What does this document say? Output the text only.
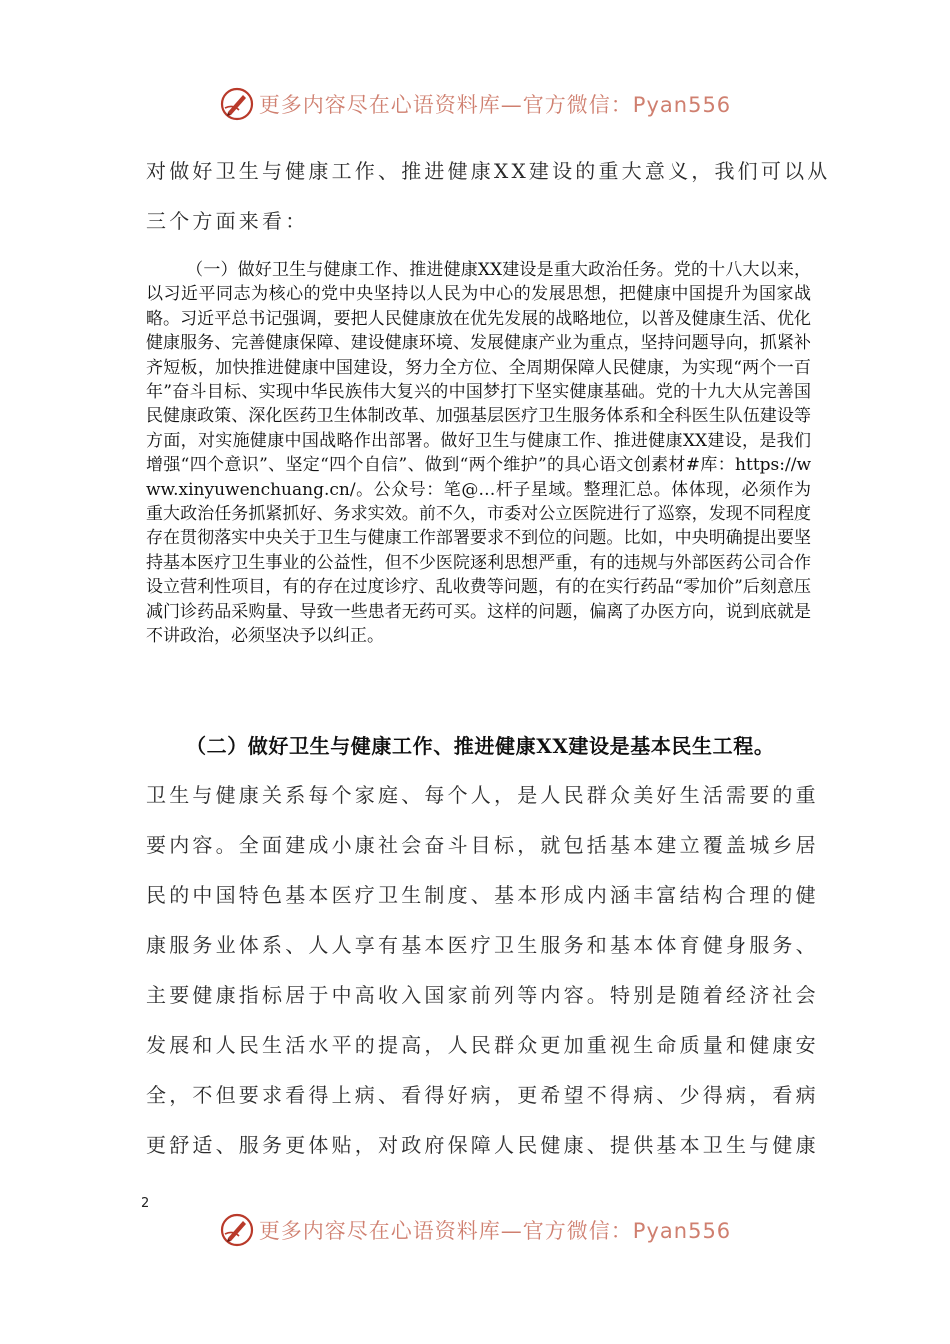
更多内容尽在心语资料库—官方微信：Pyan556
对做好卫生与健康工作、推进健康XX建设的重大意义，我们可以从
三个方面来看：
（一）做好卫生与健康工作、推进健康XX建设是重大政治任务。党的十八大以来，以习近平同志为核心的党中央坚持以人民为中心的发展思想，把健康中国提升为国家战略。习近平总书记强调，要把人民健康放在优先发展的战略地位，以普及健康生活、优化健康服务、完善健康保障、建设健康环境、发展健康产业为重点，坚持问题导向，抓紧补齐短板，加快推进健康中国建设，努力全方位、全周期保障人民健康，为实现“两个一百年”奋斗目标、实现中华民族伟大复兴的中国梦打下坚实健康基础。党的十九大从完善国民健康政策、深化医药卫生体制改革、加强基层医疗卫生服务体系和全科医生队伍建设等方面，对实施健康中国战略作出部署。做好卫生与健康工作、推进健康XX建设，是我们增强“四个意识”、坚定“四个自信”、做到“两个维护”的具心语文创素材#库：https://www.xinyuwenchuang.cn/。公众号：笔@…杆子星域。整理汇总。体体现，必须作为重大政治任务抓紧抓好、务求实效。前不久，市委对公立医院进行了巡察，发现不同程度存在贯彻落实中央关于卫生与健康工作部署要求不到位的问题。比如，中央明确提出要坚持基本医疗卫生事业的公益性，但不少医院逐利思想严重，有的违规与外部医药公司合作设立营利性项目，有的存在过度诊疗、乱收费等问题，有的在实行药品“零加价”后刻意压减门诊药品采购量、导致一些患者无药可买。这样的问题，偏离了办医方向，说到底就是不讲政治，必须坚决予以纠正。
（二）做好卫生与健康工作、推进健康XX建设是基本民生工程。
卫生与健康关系每个家庭、每个人，是人民群众美好生活需要的重
要内容。全面建成小康社会奋斗目标，就包括基本建立覆盖城乡居
民的中国特色基本医疗卫生制度、基本形成内涵丰富结构合理的健
康服务业体系、人人享有基本医疗卫生服务和基本体育健身服务、
主要健康指标居于中高收入国家前列等内容。特别是随着经济社会
发展和人民生活水平的提高，人民群众更加重视生命质量和健康安
全，不但要求看得上病、看得好病，更希望不得病、少得病，看病
更舒适、服务更体贴，对政府保障人民健康、提供基本卫生与健康
2
更多内容尽在心语资料库—官方微信：Pyan556
